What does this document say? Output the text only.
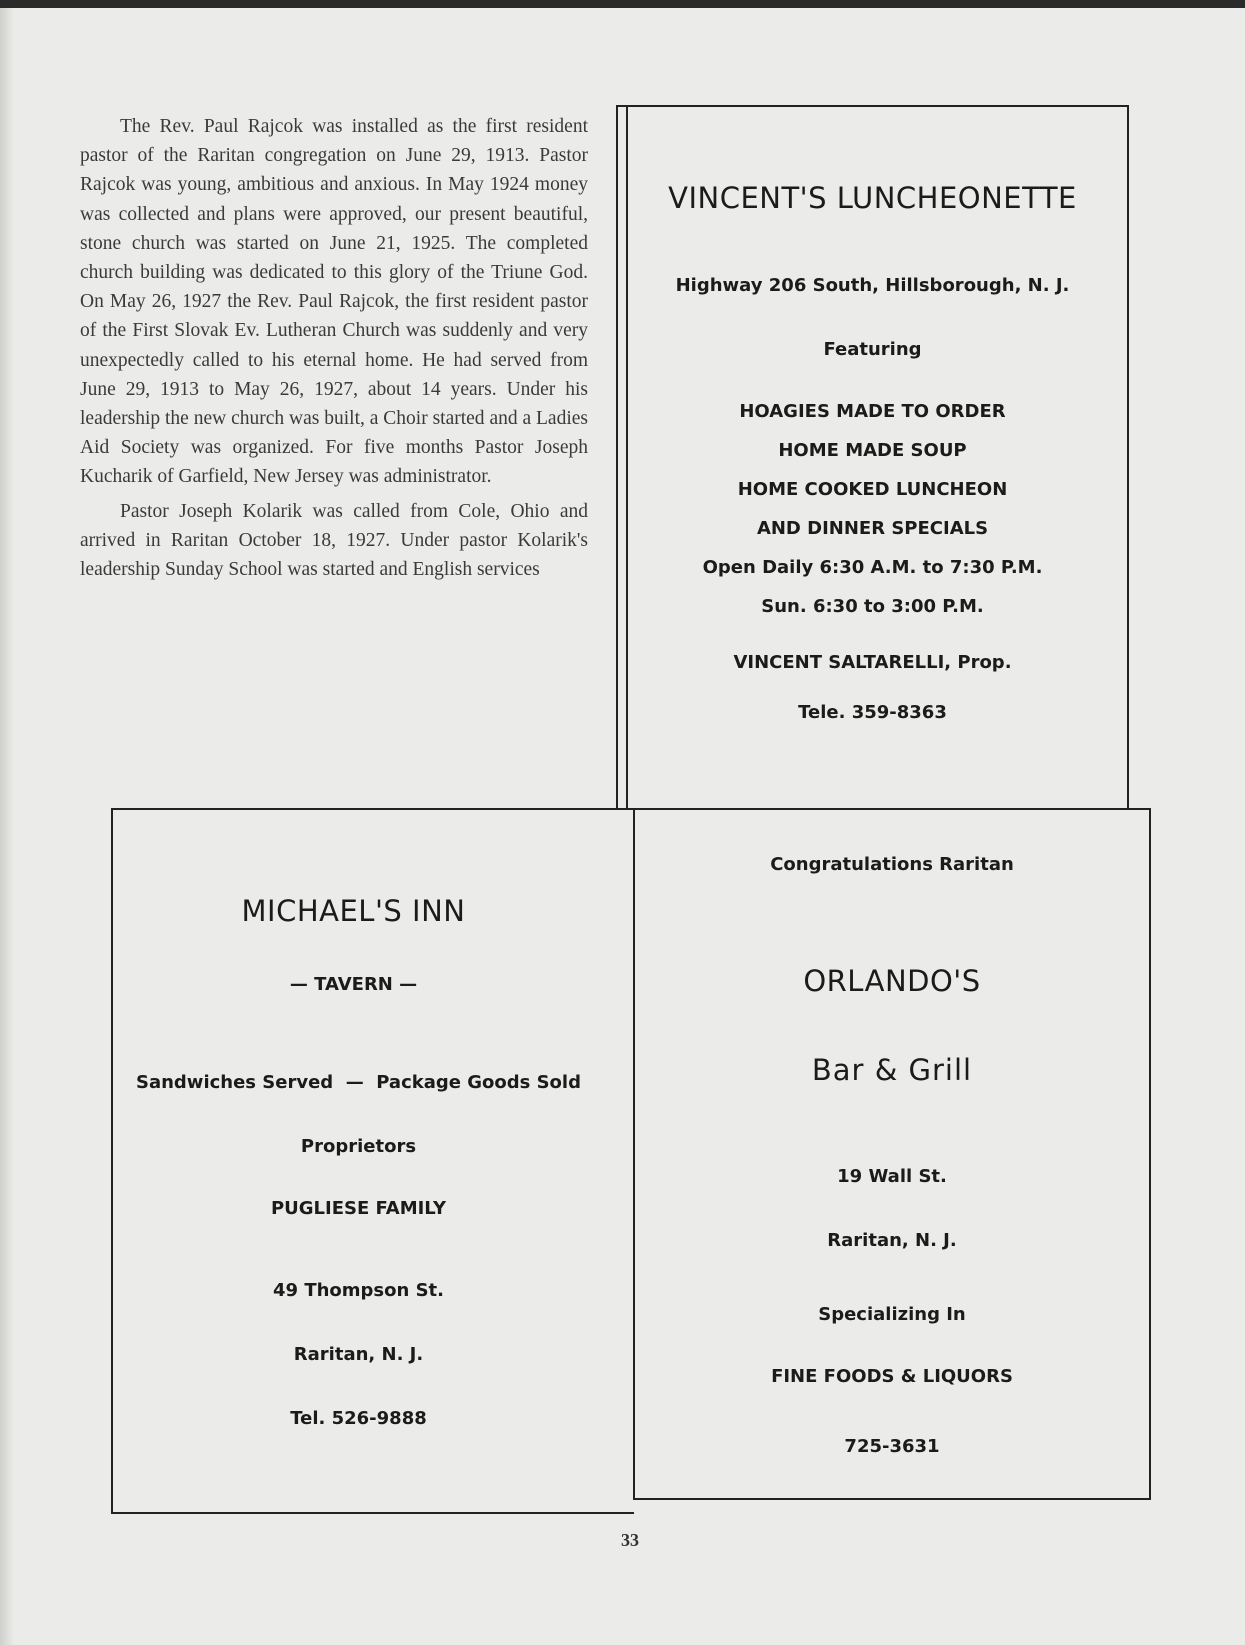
The Rev. Paul Rajcok was installed as the first resident pastor of the Raritan congregation on June 29, 1913. Pastor Rajcok was young, ambitious and anxious. In May 1924 money was collected and plans were approved, our present beautiful, stone church was started on June 21, 1925. The completed church building was dedicated to this glory of the Triune God. On May 26, 1927 the Rev. Paul Rajcok, the first resident pastor of the First Slovak Ev. Lutheran Church was suddenly and very unexpectedly called to his eternal home. He had served from June 29, 1913 to May 26, 1927, about 14 years. Under his leadership the new church was built, a Choir started and a Ladies Aid Society was organized. For five months Pastor Joseph Kucharik of Garfield, New Jersey was administrator.

Pastor Joseph Kolarik was called from Cole, Ohio and arrived in Raritan October 18, 1927. Under pastor Kolarik's leadership Sunday School was started and English services

VINCENT'S LUNCHEONETTE
Highway 206 South, Hillsborough, N. J.
Featuring
HOAGIES MADE TO ORDER
HOME MADE SOUP
HOME COOKED LUNCHEON
AND DINNER SPECIALS
Open Daily 6:30 A.M. to 7:30 P.M.
Sun. 6:30 to 3:00 P.M.
VINCENT SALTARELLI, Prop.
Tele. 359-8363
MICHAEL'S INN
— TAVERN —
Sandwiches Served  —  Package Goods Sold
Proprietors
PUGLIESE FAMILY
49 Thompson St.
Raritan, N. J.
Tel. 526-9888
Congratulations Raritan
ORLANDO'S
Bar & Grill
19 Wall St.
Raritan, N. J.
Specializing In
FINE FOODS & LIQUORS
725-3631
33
